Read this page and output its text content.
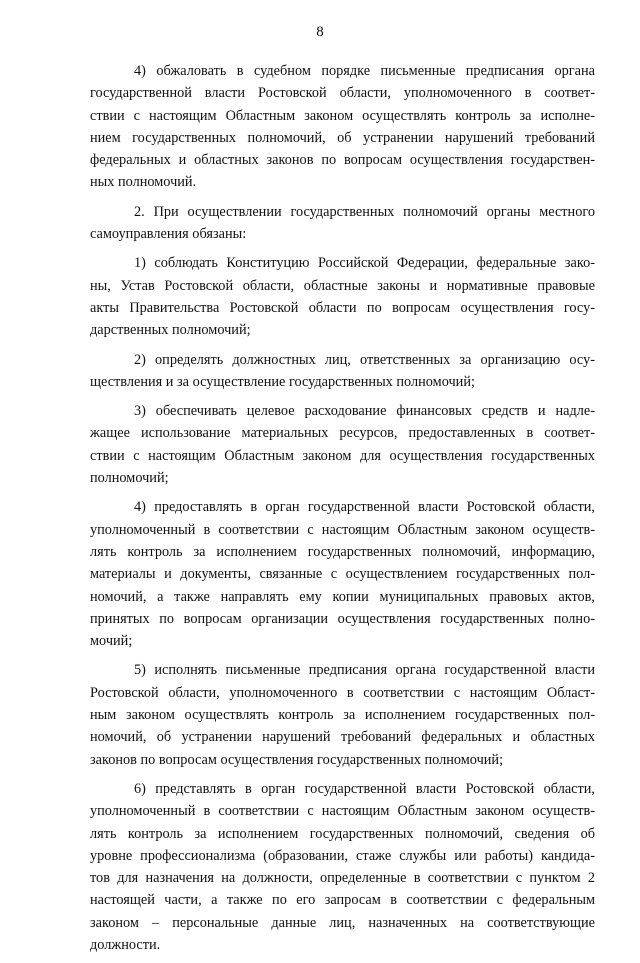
8

4) обжаловать в судебном порядке письменные предписания органа
государственной власти Ростовской области, уполномоченного в соответ-
ствии с настоящим Областным законом осуществлять контроль за исполне-
нием государственных полномочий, об устранении нарушений требований
федеральных и областных законов по вопросам осуществления государствен-
ных полномочий.

2. При осуществлении государственных полномочий органы местного
самоуправления обязаны:

1) соблюдать Конституцию Российской Федерации, федеральные зако-
ны, Устав Ростовской области, областные законы и нормативные правовые
акты Правительства Ростовской области по вопросам осуществления госу-
дарственных полномочий;

2) определять должностных лиц, ответственных за организацию осу-
ществления и за осуществление государственных полномочий;

3) обеспечивать целевое расходование финансовых средств и надле-
жащее использование материальных ресурсов, предоставленных в соответ-
ствии с настоящим Областным законом для осуществления государственных
полномочий;

4) предоставлять в орган государственной власти Ростовской области,
уполномоченный в соответствии с настоящим Областным законом осуществ-
лять контроль за исполнением государственных полномочий, информацию,
материалы и документы, связанные с осуществлением государственных пол-
номочий, а также направлять ему копии муниципальных правовых актов,
принятых по вопросам организации осуществления государственных полно-
мочий;

5) исполнять письменные предписания органа государственной власти
Ростовской области, уполномоченного в соответствии с настоящим Област-
ным законом осуществлять контроль за исполнением государственных пол-
номочий, об устранении нарушений требований федеральных и областных
законов по вопросам осуществления государственных полномочий;

6) представлять в орган государственной власти Ростовской области,
уполномоченный в соответствии с настоящим Областным законом осуществ-
лять контроль за исполнением государственных полномочий, сведения об
уровне профессионализма (образовании, стаже службы или работы) кандида-
тов для назначения на должности, определенные в соответствии с пунктом 2
настоящей части, а также по его запросам в соответствии с федеральным
законом – персональные данные лиц, назначенных на соответствующие
должности.
